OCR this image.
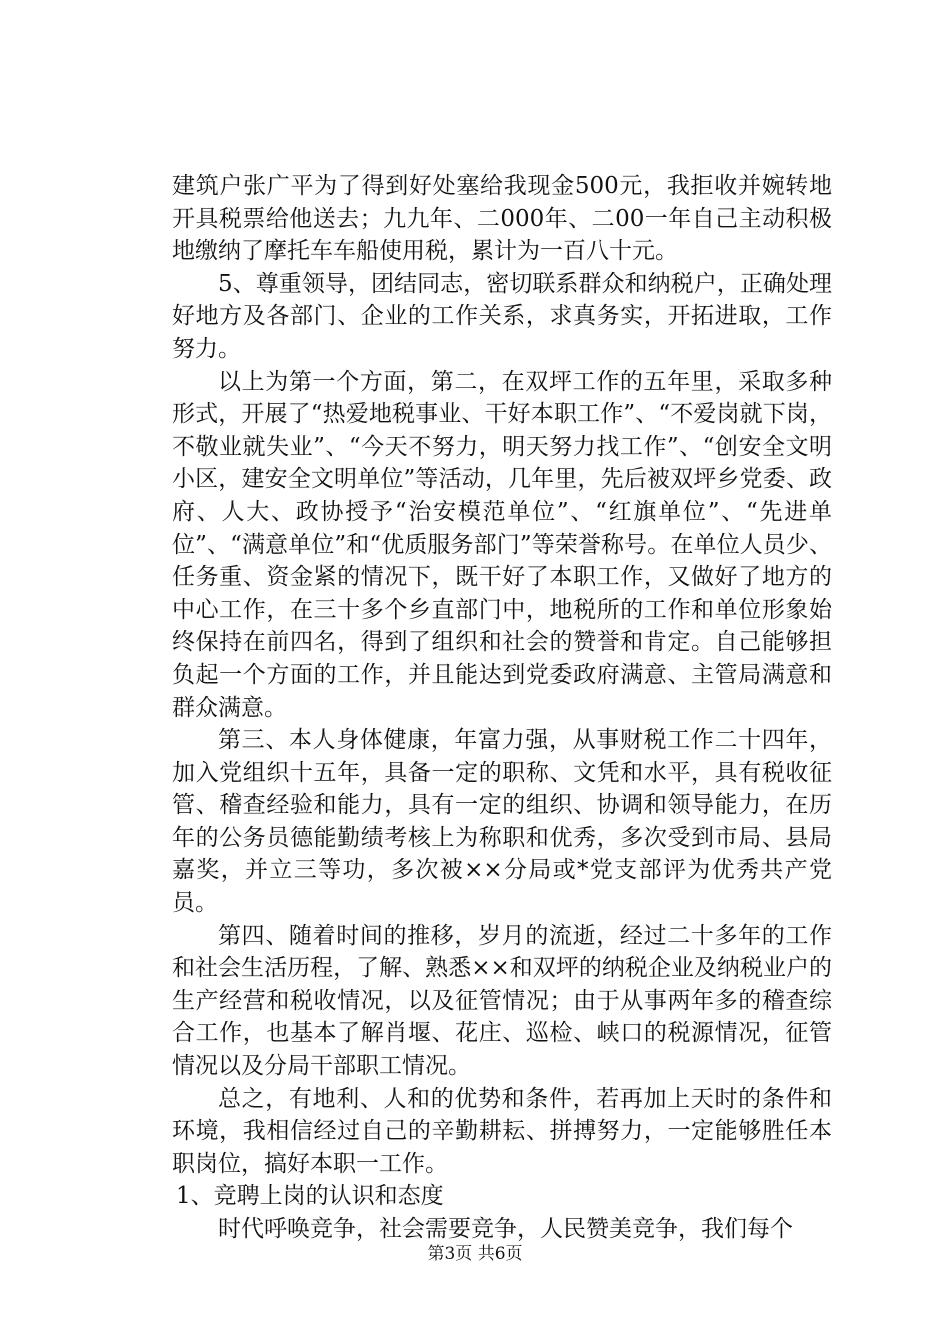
建筑户张广平为了得到好处塞给我现金500元，我拒收并婉转地开具税票给他送去；九九年、二000年、二00一年自己主动积极地缴纳了摩托车车船使用税，累计为一百八十元。

5、尊重领导，团结同志，密切联系群众和纳税户，正确处理好地方及各部门、企业的工作关系，求真务实，开拓进取，工作努力。

以上为第一个方面，第二，在双坪工作的五年里，采取多种形式，开展了“热爱地税事业、干好本职工作”、“不爱岗就下岗，不敬业就失业”、“今天不努力，明天努力找工作”、“创安全文明小区，建安全文明单位”等活动，几年里，先后被双坪乡党委、政府、人大、政协授予“治安模范单位”、“红旗单位”、“先进单位”、“满意单位”和“优质服务部门”等荣誉称号。在单位人员少、任务重、资金紧的情况下，既干好了本职工作，又做好了地方的中心工作，在三十多个乡直部门中，地税所的工作和单位形象始终保持在前四名，得到了组织和社会的赞誉和肯定。自己能够担负起一个方面的工作，并且能达到党委政府满意、主管局满意和群众满意。

第三、本人身体健康，年富力强，从事财税工作二十四年，加入党组织十五年，具备一定的职称、文凭和水平，具有税收征管、稽查经验和能力，具有一定的组织、协调和领导能力，在历年的公务员德能勤绩考核上为称职和优秀，多次受到市局、县局嘉奖，并立三等功，多次被××分局或*党支部评为优秀共产党员。

第四、随着时间的推移，岁月的流逝，经过二十多年的工作和社会生活历程，了解、熟悉××和双坪的纳税企业及纳税业户的生产经营和税收情况，以及征管情况；由于从事两年多的稽查综合工作，也基本了解肖堰、花庄、巡检、峡口的税源情况，征管情况以及分局干部职工情况。

总之，有地利、人和的优势和条件，若再加上天时的条件和环境，我相信经过自己的辛勤耕耘、拼搏努力，一定能够胜任本职岗位，搞好本职一工作。

1、竞聘上岗的认识和态度

时代呼唤竞争，社会需要竞争，人民赞美竞争，我们每个

第3页 共6页
